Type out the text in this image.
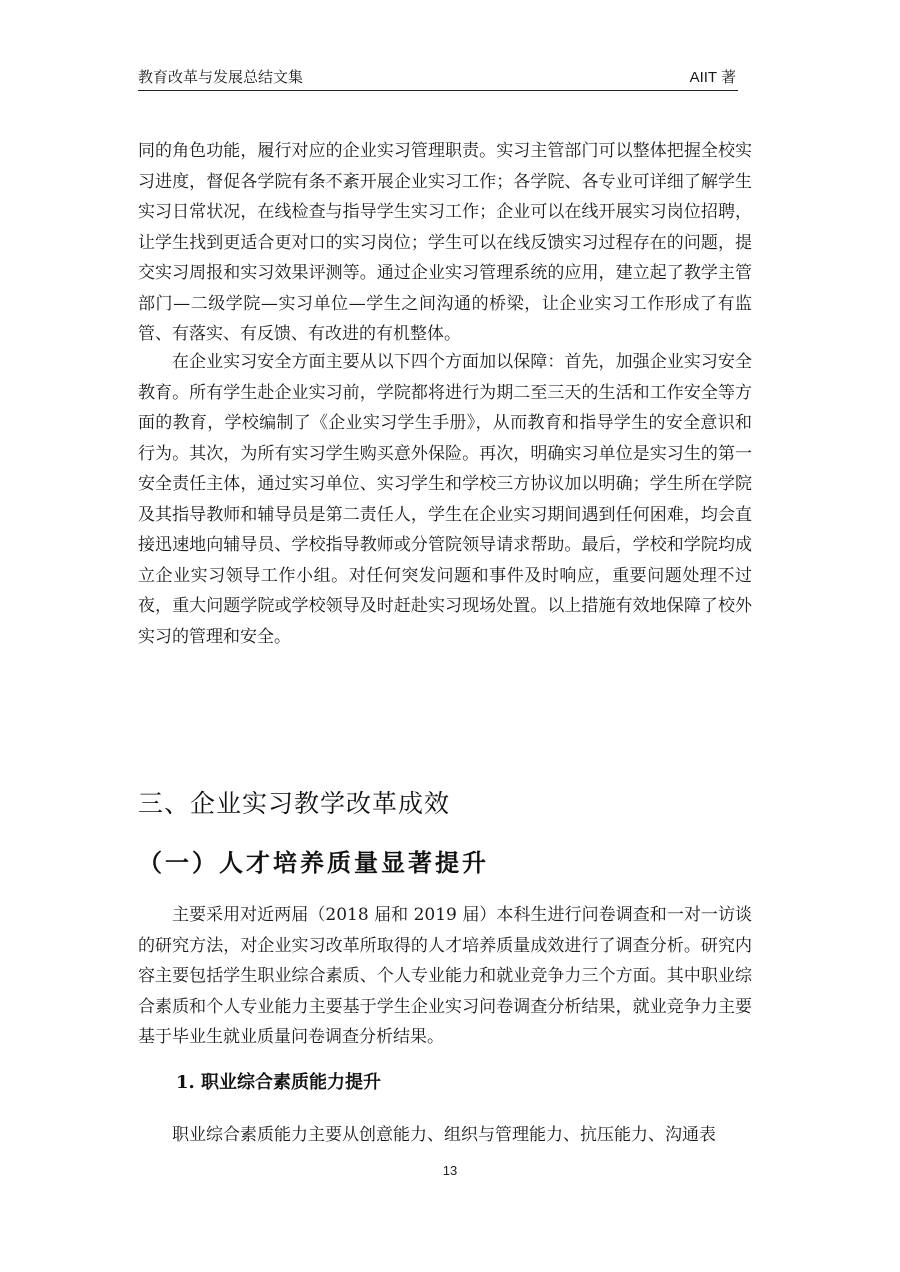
教育改革与发展总结文集	AIIT 著

同的角色功能，履行对应的企业实习管理职责。实习主管部门可以整体把握全校实习进度，督促各学院有条不紊开展企业实习工作；各学院、各专业可详细了解学生实习日常状况，在线检查与指导学生实习工作；企业可以在线开展实习岗位招聘，让学生找到更适合更对口的实习岗位；学生可以在线反馈实习过程存在的问题，提交实习周报和实习效果评测等。通过企业实习管理系统的应用，建立起了教学主管部门—二级学院—实习单位—学生之间沟通的桥梁，让企业实习工作形成了有监管、有落实、有反馈、有改进的有机整体。

在企业实习安全方面主要从以下四个方面加以保障：首先，加强企业实习安全教育。所有学生赴企业实习前，学院都将进行为期二至三天的生活和工作安全等方面的教育，学校编制了《企业实习学生手册》，从而教育和指导学生的安全意识和行为。其次，为所有实习学生购买意外保险。再次，明确实习单位是实习生的第一安全责任主体，通过实习单位、实习学生和学校三方协议加以明确；学生所在学院及其指导教师和辅导员是第二责任人，学生在企业实习期间遇到任何困难，均会直接迅速地向辅导员、学校指导教师或分管院领导请求帮助。最后，学校和学院均成立企业实习领导工作小组。对任何突发问题和事件及时响应，重要问题处理不过夜，重大问题学院或学校领导及时赶赴实习现场处置。以上措施有效地保障了校外实习的管理和安全。

三、企业实习教学改革成效
（一）人才培养质量显著提升

主要采用对近两届（2018 届和 2019 届）本科生进行问卷调查和一对一访谈的研究方法，对企业实习改革所取得的人才培养质量成效进行了调查分析。研究内容主要包括学生职业综合素质、个人专业能力和就业竞争力三个方面。其中职业综合素质和个人专业能力主要基于学生企业实习问卷调查分析结果，就业竞争力主要基于毕业生就业质量问卷调查分析结果。

1. 职业综合素质能力提升

职业综合素质能力主要从创意能力、组织与管理能力、抗压能力、沟通表

13
